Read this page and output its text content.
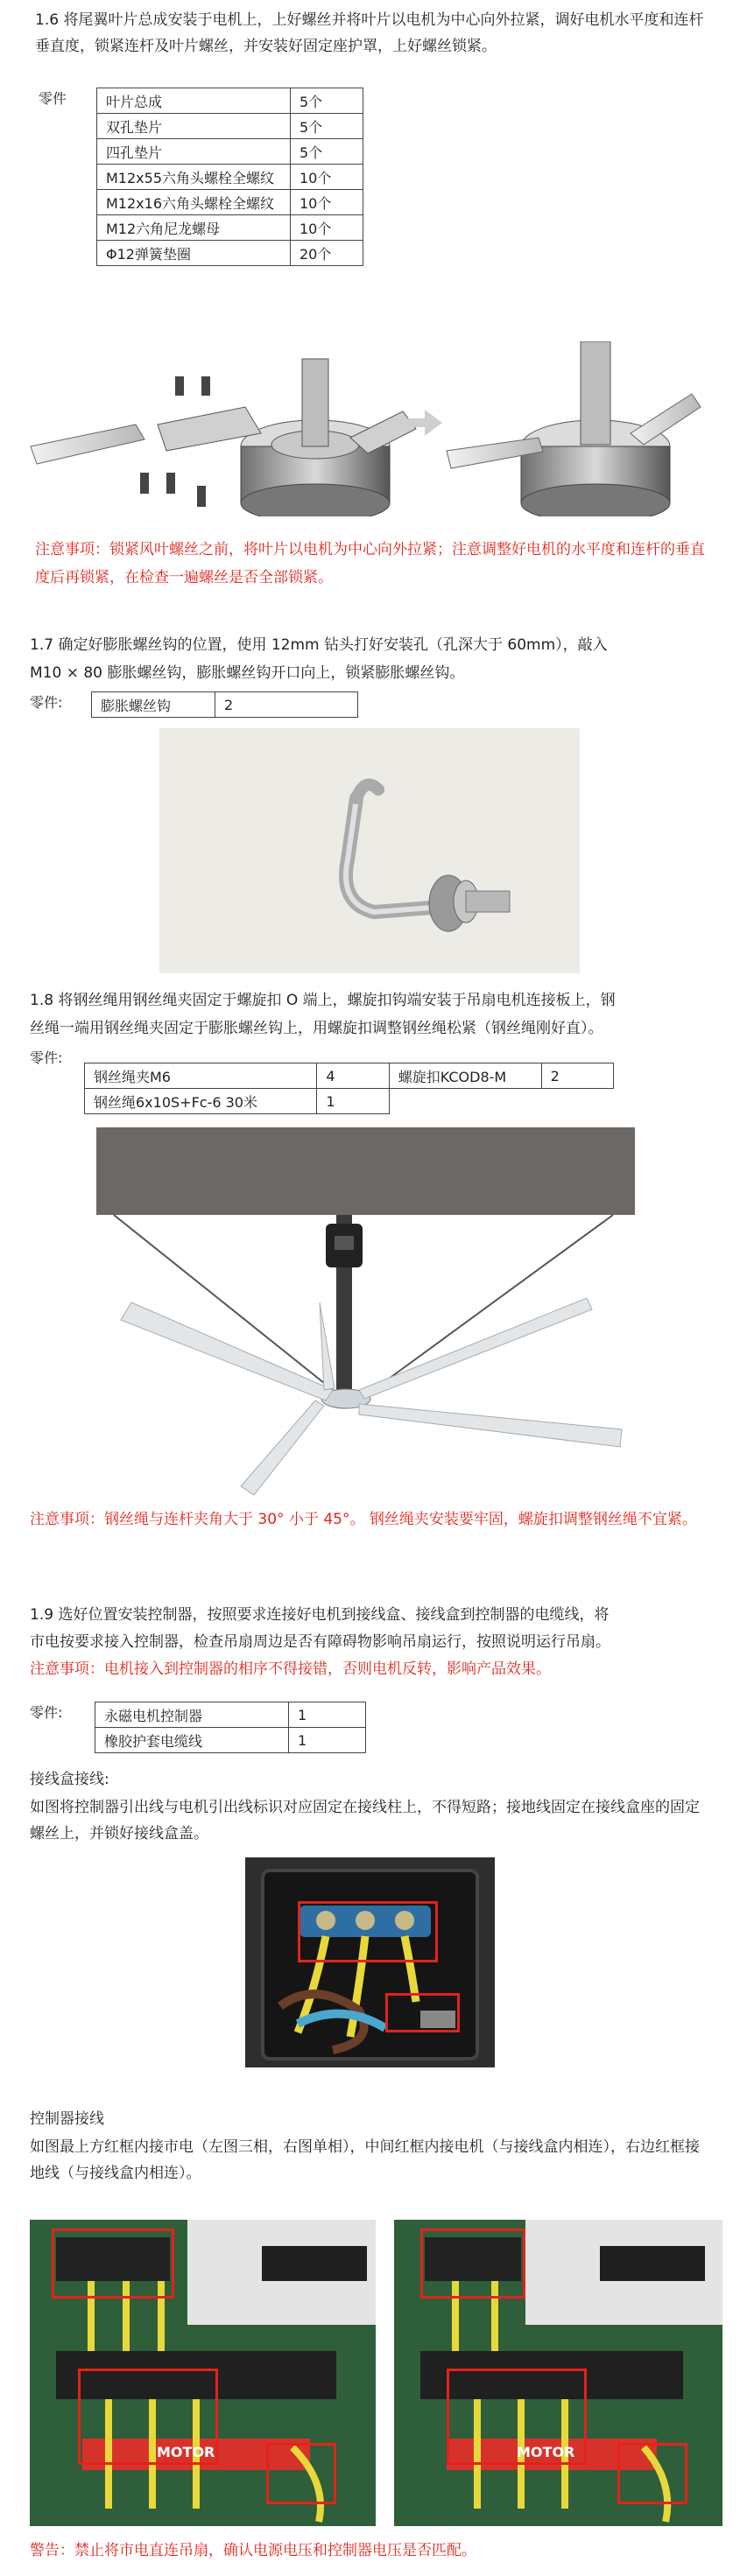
1.6 将尾翼叶片总成安装于电机上，上好螺丝并将叶片以电机为中心向外拉紧，调好电机水平度和连杆垂直度，锁紧连杆及叶片螺丝，并安装好固定座护罩，上好螺丝锁紧。
零件	叶片总成	5个
双孔垫片	5个
四孔垫片	5个
M12x55六角头螺栓全螺纹	10个
M12x16六角头螺栓全螺纹	10个
M12六角尼龙螺母	10个
Φ12弹簧垫圈	20个
注意事项：锁紧风叶螺丝之前，将叶片以电机为中心向外拉紧；注意调整好电机的水平度和连杆的垂直度后再锁紧，在检查一遍螺丝是否全部锁紧。
1.7 确定好膨胀螺丝钩的位置，使用 12mm 钻头打好安装孔（孔深大于 60mm），敲入
M10 × 80 膨胀螺丝钩，膨胀螺丝钩开口向上，锁紧膨胀螺丝钩。
零件:	膨胀螺丝钩	2
1.8 将钢丝绳用钢丝绳夹固定于螺旋扣 O 端上，螺旋扣钩端安装于吊扇电机连接板上，钢
丝绳一端用钢丝绳夹固定于膨胀螺丝钩上，用螺旋扣调整钢丝绳松紧（钢丝绳刚好直）。
零件:
钢丝绳夹M6	4	螺旋扣KCOD8-M	2
钢丝绳6x10S+Fc-6 30米	1		
注意事项：钢丝绳与连杆夹角大于 30° 小于 45°。 钢丝绳夹安装要牢固，螺旋扣调整钢丝绳不宜紧。
1.9 选好位置安装控制器，按照要求连接好电机到接线盒、接线盒到控制器的电缆线，将
市电按要求接入控制器，检查吊扇周边是否有障碍物影响吊扇运行，按照说明运行吊扇。
注意事项：电机接入到控制器的相序不得接错，否则电机反转，影响产品效果。
零件:	永磁电机控制器	1
橡胶护套电缆线	1
接线盒接线:
如图将控制器引出线与电机引出线标识对应固定在接线柱上，不得短路；接地线固定在接线盒座的固定螺丝上，并锁好接线盒盖。
控制器接线
如图最上方红框内接市电（左图三相，右图单相），中间红框内接电机（与接线盒内相连），右边红框接地线（与接线盒内相连）。
MOTOR	MOTOR
警告：禁止将市电直连吊扇，确认电源电压和控制器电压是否匹配。
